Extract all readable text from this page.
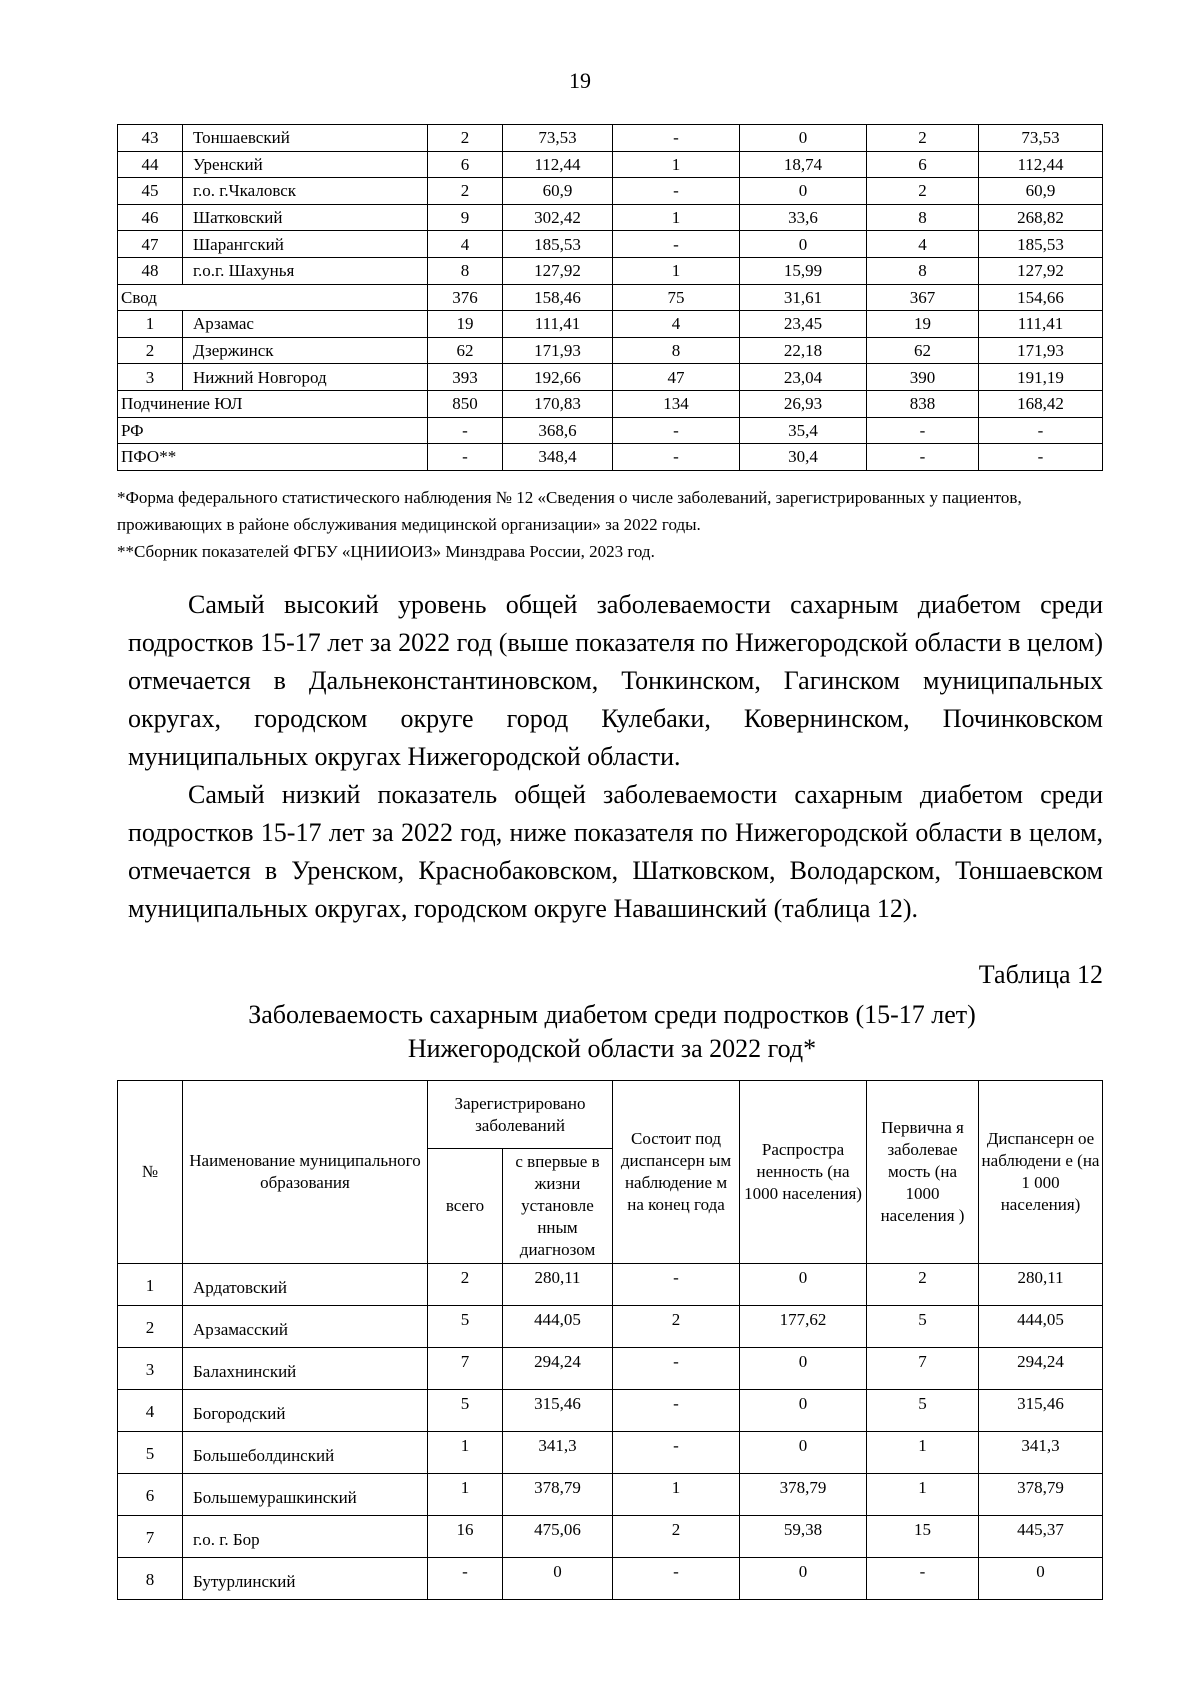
19
43	Тоншаевский	2	73,53	-	0	2	73,53
44	Уренский	6	112,44	1	18,74	6	112,44
45	г.о. г.Чкаловск	2	60,9	-	0	2	60,9
46	Шатковский	9	302,42	1	33,6	8	268,82
47	Шарангский	4	185,53	-	0	4	185,53
48	г.о.г. Шахунья	8	127,92	1	15,99	8	127,92
Свод		376	158,46	75	31,61	367	154,66
1	Арзамас	19	111,41	4	23,45	19	111,41
2	Дзержинск	62	171,93	8	22,18	62	171,93
3	Нижний Новгород	393	192,66	47	23,04	390	191,19
Подчинение ЮЛ		850	170,83	134	26,93	838	168,42
РФ		-	368,6	-	35,4	-	-
ПФО**		-	348,4	-	30,4	-	-

*Форма федерального статистического наблюдения № 12 «Сведения о числе заболеваний, зарегистрированных у пациентов, проживающих в районе обслуживания медицинской организации» за 2022 годы.

**Сборник показателей ФГБУ «ЦНИИОИЗ» Минздрава России, 2023 год.

Самый высокий уровень общей заболеваемости сахарным диабетом среди подростков 15-17 лет за 2022 год (выше показателя по Нижегородской области в целом) отмечается в Дальнеконстантиновском, Тонкинском, Гагинском муниципальных округах, городском округе город Кулебаки, Ковернинском, Починковском муниципальных округах Нижегородской области.

Самый низкий показатель общей заболеваемости сахарным диабетом среди подростков 15-17 лет за 2022 год, ниже показателя по Нижегородской области в целом, отмечается в Уренском, Краснобаковском, Шатковском, Володарском, Тоншаевском муниципальных округах, городском округе Навашинский (таблица 12).

Таблица 12
Заболеваемость сахарным диабетом среди подростков (15-17 лет)
Нижегородской области за 2022 год*
№	Наименование муниципального образования	Зарегистрировано заболеваний		Состоит под диспансерн ым наблюдение м на конец года	Распростра ненность (на 1000 населения)	Первична я заболевае мость (на 1000 населения )	Диспансерн ое наблюдени е (на 1 000 населения)
		всего	с впервые в жизни установле нным диагнозом				
1	Ардатовский	2	280,11	-	0	2	280,11
2	Арзамасский	5	444,05	2	177,62	5	444,05
3	Балахнинский	7	294,24	-	0	7	294,24
4	Богородский	5	315,46	-	0	5	315,46
5	Большеболдинский	1	341,3	-	0	1	341,3
6	Большемурашкинский	1	378,79	1	378,79	1	378,79
7	г.о. г. Бор	16	475,06	2	59,38	15	445,37
8	Бутурлинский	-	0	-	0	-	0
